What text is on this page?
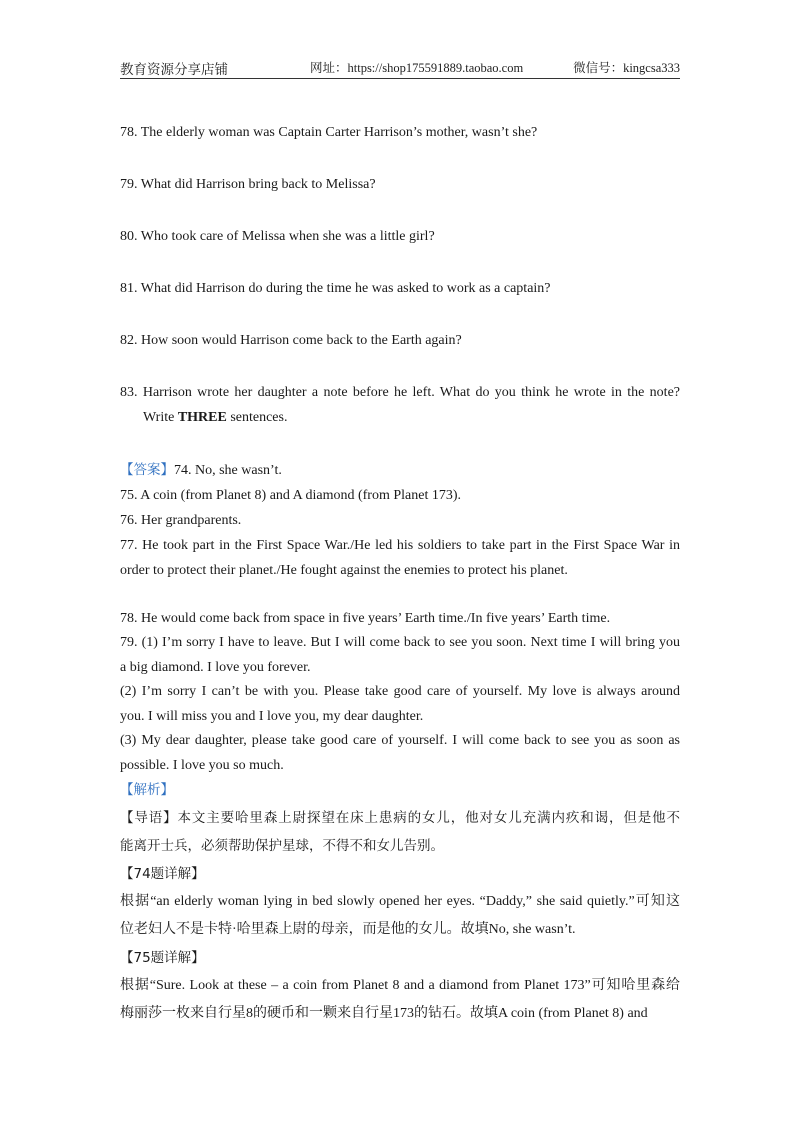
教育资源分享店铺	网址：https://shop175591889.taobao.com	微信号：kingcsa333
78. The elderly woman was Captain Carter Harrison’s mother, wasn’t she?
79. What did Harrison bring back to Melissa?
80. Who took care of Melissa when she was a little girl?
81. What did Harrison do during the time he was asked to work as a captain?
82. How soon would Harrison come back to the Earth again?
83. Harrison wrote her daughter a note before he left. What do you think he wrote in the note?
Write THREE sentences.
【答案】74. No, she wasn’t.
75. A coin (from Planet 8) and A diamond (from Planet 173).
76. Her grandparents.
77. He took part in the First Space War./He led his soldiers to take part in the First Space War in
order to protect their planet./He fought against the enemies to protect his planet.
78. He would come back from space in five years’ Earth time./In five years’ Earth time.
79. (1) I’m sorry I have to leave. But I will come back to see you soon. Next time I will bring you
a big diamond. I love you forever.
(2) I’m sorry I can’t be with you. Please take good care of yourself. My love is always around
you. I will miss you and I love you, my dear daughter.
(3) My dear daughter, please take good care of yourself. I will come back to see you as soon as
possible. I love you so much.
【解析】
【导语】本文主要哈里森上尉探望在床上患病的女儿，他对女儿充满内疚和谒，但是他不
能离开士兵，必须帮助保护星球，不得不和女儿告别。
【74题详解】
根据“an elderly woman lying in bed slowly opened her eyes. “Daddy,” she said quietly.”可知这
位老妇人不是卡特·哈里森上尉的母亲，而是他的女儿。故填No, she wasn’t.
【75题详解】
根据“Sure. Look at these – a coin from Planet 8 and a diamond from Planet 173”可知哈里森给
梅丽莎一枚来自行星8的硬币和一颗来自行星173的钻石。故填A coin (from Planet 8) and
